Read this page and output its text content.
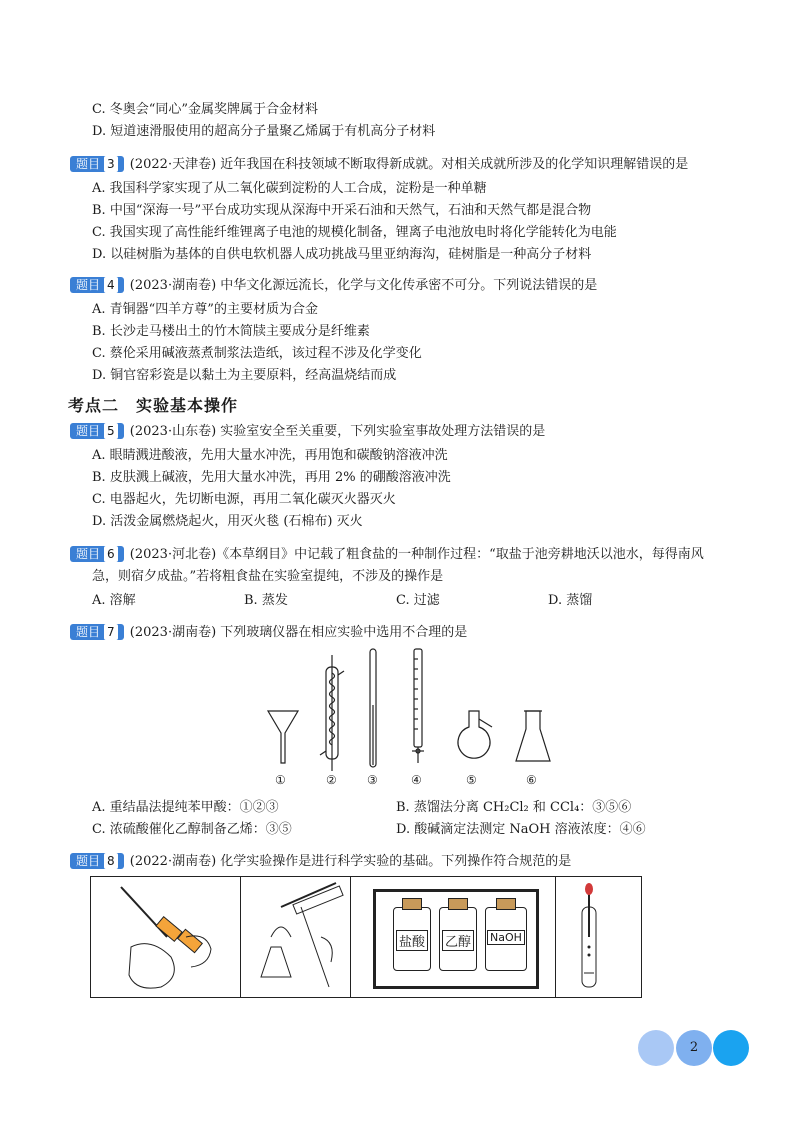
C. 冬奥会“同心”金属奖牌属于合金材料
D. 短道速滑服使用的超高分子量聚乙烯属于有机高分子材料
题目 3 (2022·天津卷) 近年我国在科技领域不断取得新成就。对相关成就所涉及的化学知识理解错误的是
A. 我国科学家实现了从二氧化碳到淀粉的人工合成，淀粉是一种单糖
B. 中国“深海一号”平台成功实现从深海中开采石油和天然气，石油和天然气都是混合物
C. 我国实现了高性能纤维锂离子电池的规模化制备，锂离子电池放电时将化学能转化为电能
D. 以硅树脂为基体的自供电软机器人成功挑战马里亚纳海沟，硅树脂是一种高分子材料
题目 4 (2023·湖南卷) 中华文化源远流长，化学与文化传承密不可分。下列说法错误的是
A. 青铜器“四羊方尊”的主要材质为合金
B. 长沙走马楼出土的竹木简牍主要成分是纤维素
C. 蔡伦采用碱液蒸煮制浆法造纸，该过程不涉及化学变化
D. 铜官窑彩瓷是以黏土为主要原料，经高温烧结而成
考点二　实验基本操作
题目 5 (2023·山东卷) 实验室安全至关重要，下列实验室事故处理方法错误的是
A. 眼睛溅进酸液，先用大量水冲洗，再用饱和碳酸钠溶液冲洗
B. 皮肤溅上碱液，先用大量水冲洗，再用 2% 的硼酸溶液冲洗
C. 电器起火，先切断电源，再用二氧化碳灭火器灭火
D. 活泼金属燃烧起火，用灭火毯 (石棉布) 灭火
题目 6 (2023·河北卷)《本草纲目》中记载了粗食盐的一种制作过程：“取盐于池旁耕地沃以池水，每得南风
急，则宿夕成盐。”若将粗食盐在实验室提纯，不涉及的操作是
A. 溶解	B. 蒸发	C. 过滤	D. 蒸馏
题目 7 (2023·湖南卷) 下列玻璃仪器在相应实验中选用不合理的是
①	②	③	④	⑤	⑥
A. 重结晶法提纯苯甲酸：①②③	B. 蒸馏法分离 CH₂Cl₂ 和 CCl₄：③⑤⑥
C. 浓硫酸催化乙醇制备乙烯：③⑤	D. 酸碱滴定法测定 NaOH 溶液浓度：④⑥
题目 8 (2022·湖南卷) 化学实验操作是进行科学实验的基础。下列操作符合规范的是
盐酸 乙醇 NaOH
2
